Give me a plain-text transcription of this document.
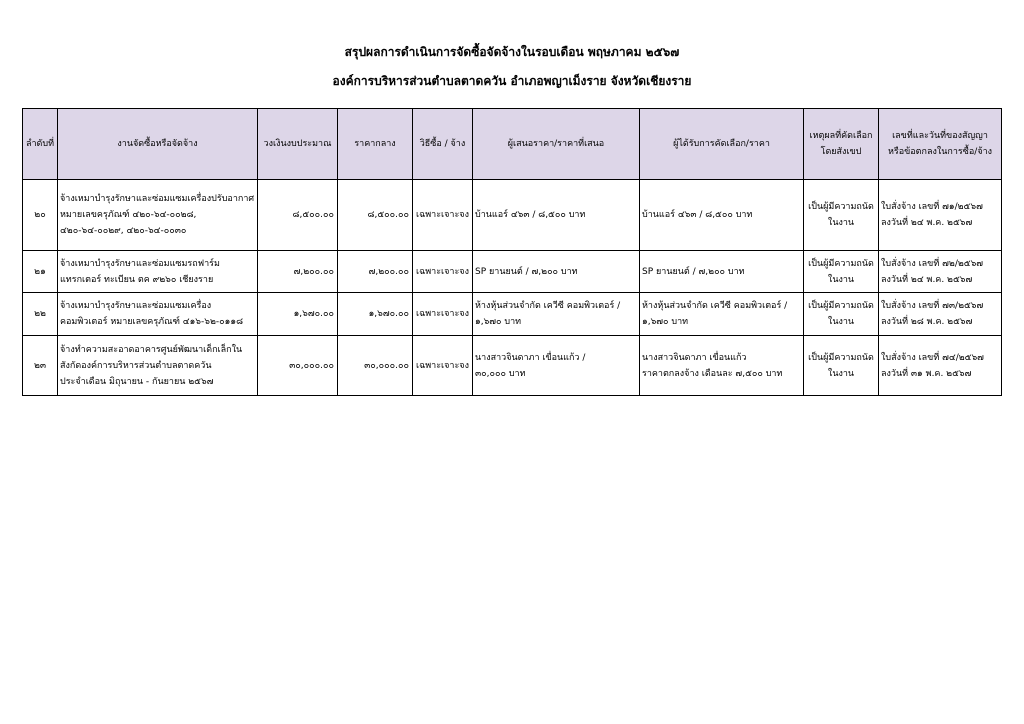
สรุปผลการดำเนินการจัดซื้อจัดจ้างในรอบเดือน พฤษภาคม ๒๕๖๗
องค์การบริหารส่วนตำบลตาดควัน อำเภอพญาเม็งราย จังหวัดเชียงราย
ลำดับที่	งานจัดซื้อหรือจัดจ้าง	วงเงินงบประมาณ	ราคากลาง	วิธีซื้อ / จ้าง	ผู้เสนอราคา/ราคาที่เสนอ	ผู้ได้รับการคัดเลือก/ราคา	เหตุผลที่คัดเลือก
โดยสังเขป	เลขที่และวันที่ของสัญญา
หรือข้อตกลงในการซื้อ/จ้าง

๒๐	จ้างเหมาบำรุงรักษาและซ่อมแซมเครื่องปรับอากาศ
หมายเลขครุภัณฑ์ ๔๒๐-๖๔-๐๐๒๘,
๔๒๐-๖๔-๐๐๒๙, ๔๒๐-๖๔-๐๐๓๐	๘,๕๐๐.๐๐	๘,๕๐๐.๐๐	เฉพาะเจาะจง	บ้านแอร์ ๔๖๓ / ๘,๕๐๐ บาท	บ้านแอร์ ๔๖๓ / ๘,๕๐๐ บาท	เป็นผู้มีความถนัด
ในงาน	ใบสั่งจ้าง เลขที่ ๗๑/๒๕๖๗
ลงวันที่ ๒๔ พ.ค. ๒๕๖๗

๒๑	จ้างเหมาบำรุงรักษาและซ่อมแซมรถฟาร์ม
แทรกเตอร์ ทะเบียน ตค ๙๒๖๐ เชียงราย	๗,๒๐๐.๐๐	๗,๒๐๐.๐๐	เฉพาะเจาะจง	SP ยานยนต์ / ๗,๒๐๐ บาท	SP ยานยนต์ / ๗,๒๐๐ บาท	เป็นผู้มีความถนัด
ในงาน	ใบสั่งจ้าง เลขที่ ๗๒/๒๕๖๗
ลงวันที่ ๒๔ พ.ค. ๒๕๖๗

๒๒	จ้างเหมาบำรุงรักษาและซ่อมแซมเครื่อง
คอมพิวเตอร์ หมายเลขครุภัณฑ์ ๔๑๖-๖๒-๐๑๑๘	๑,๖๗๐.๐๐	๑,๖๗๐.๐๐	เฉพาะเจาะจง	ห้างหุ้นส่วนจำกัด เควีซี คอมพิวเตอร์ /
๑,๖๗๐ บาท	ห้างหุ้นส่วนจำกัด เควีซี คอมพิวเตอร์ /
๑,๖๗๐ บาท	เป็นผู้มีความถนัด
ในงาน	ใบสั่งจ้าง เลขที่ ๗๓/๒๕๖๗
ลงวันที่ ๒๘ พ.ค. ๒๕๖๗

๒๓	จ้างทำความสะอาดอาคารศูนย์พัฒนาเด็กเล็กใน
สังกัดองค์การบริหารส่วนตำบลตาดควัน
ประจำเดือน มิถุนายน - กันยายน ๒๕๖๗	๓๐,๐๐๐.๐๐	๓๐,๐๐๐.๐๐	เฉพาะเจาะจง	นางสาวจินดาภา เขื่อนแก้ว /
๓๐,๐๐๐ บาท	นางสาวจินดาภา เขื่อนแก้ว
ราคาตกลงจ้าง เดือนละ ๗,๕๐๐ บาท	เป็นผู้มีความถนัด
ในงาน	ใบสั่งจ้าง เลขที่ ๗๔/๒๕๖๗
ลงวันที่ ๓๑ พ.ค. ๒๕๖๗
